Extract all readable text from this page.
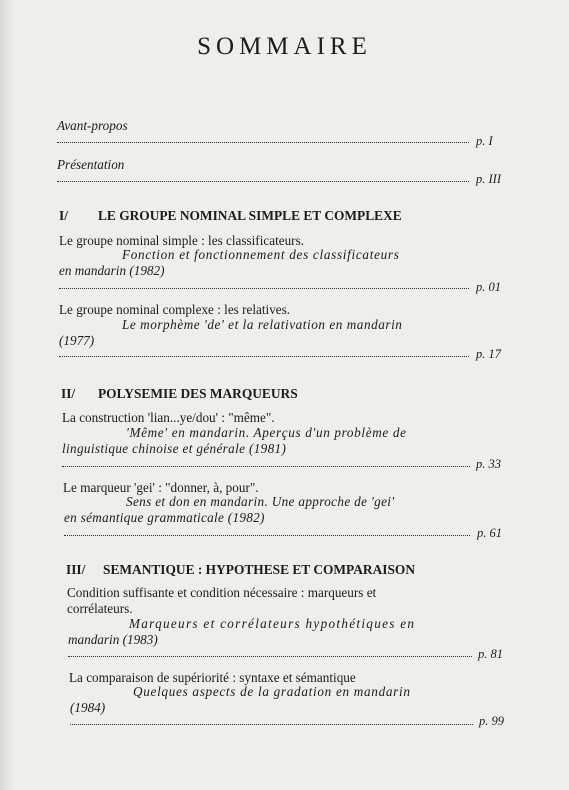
SOMMAIRE
Avant-propos
p. I
Présentation
p. III
I/ LE GROUPE NOMINAL SIMPLE ET COMPLEXE
Le groupe nominal simple : les classificateurs.
Fonction et fonctionnement des classificateurs
en mandarin (1982)
p. 01
Le groupe nominal complexe : les relatives.
Le morphème 'de' et la relativation en mandarin
(1977)
p. 17
II/ POLYSEMIE DES MARQUEURS
La construction 'lian...ye/dou' : "même".
'Même' en mandarin. Aperçus d'un problème de
linguistique chinoise et générale (1981)
p. 33
Le marqueur 'gei' : "donner, à, pour".
Sens et don en mandarin. Une approche de 'gei'
en sémantique grammaticale (1982)
p. 61
III/ SEMANTIQUE : HYPOTHESE ET COMPARAISON
Condition suffisante et condition nécessaire : marqueurs et
corrélateurs.
Marqueurs et corrélateurs hypothétiques en
mandarin (1983)
p. 81
La comparaison de supériorité : syntaxe et sémantique
Quelques aspects de la gradation en mandarin
(1984)
p. 99
